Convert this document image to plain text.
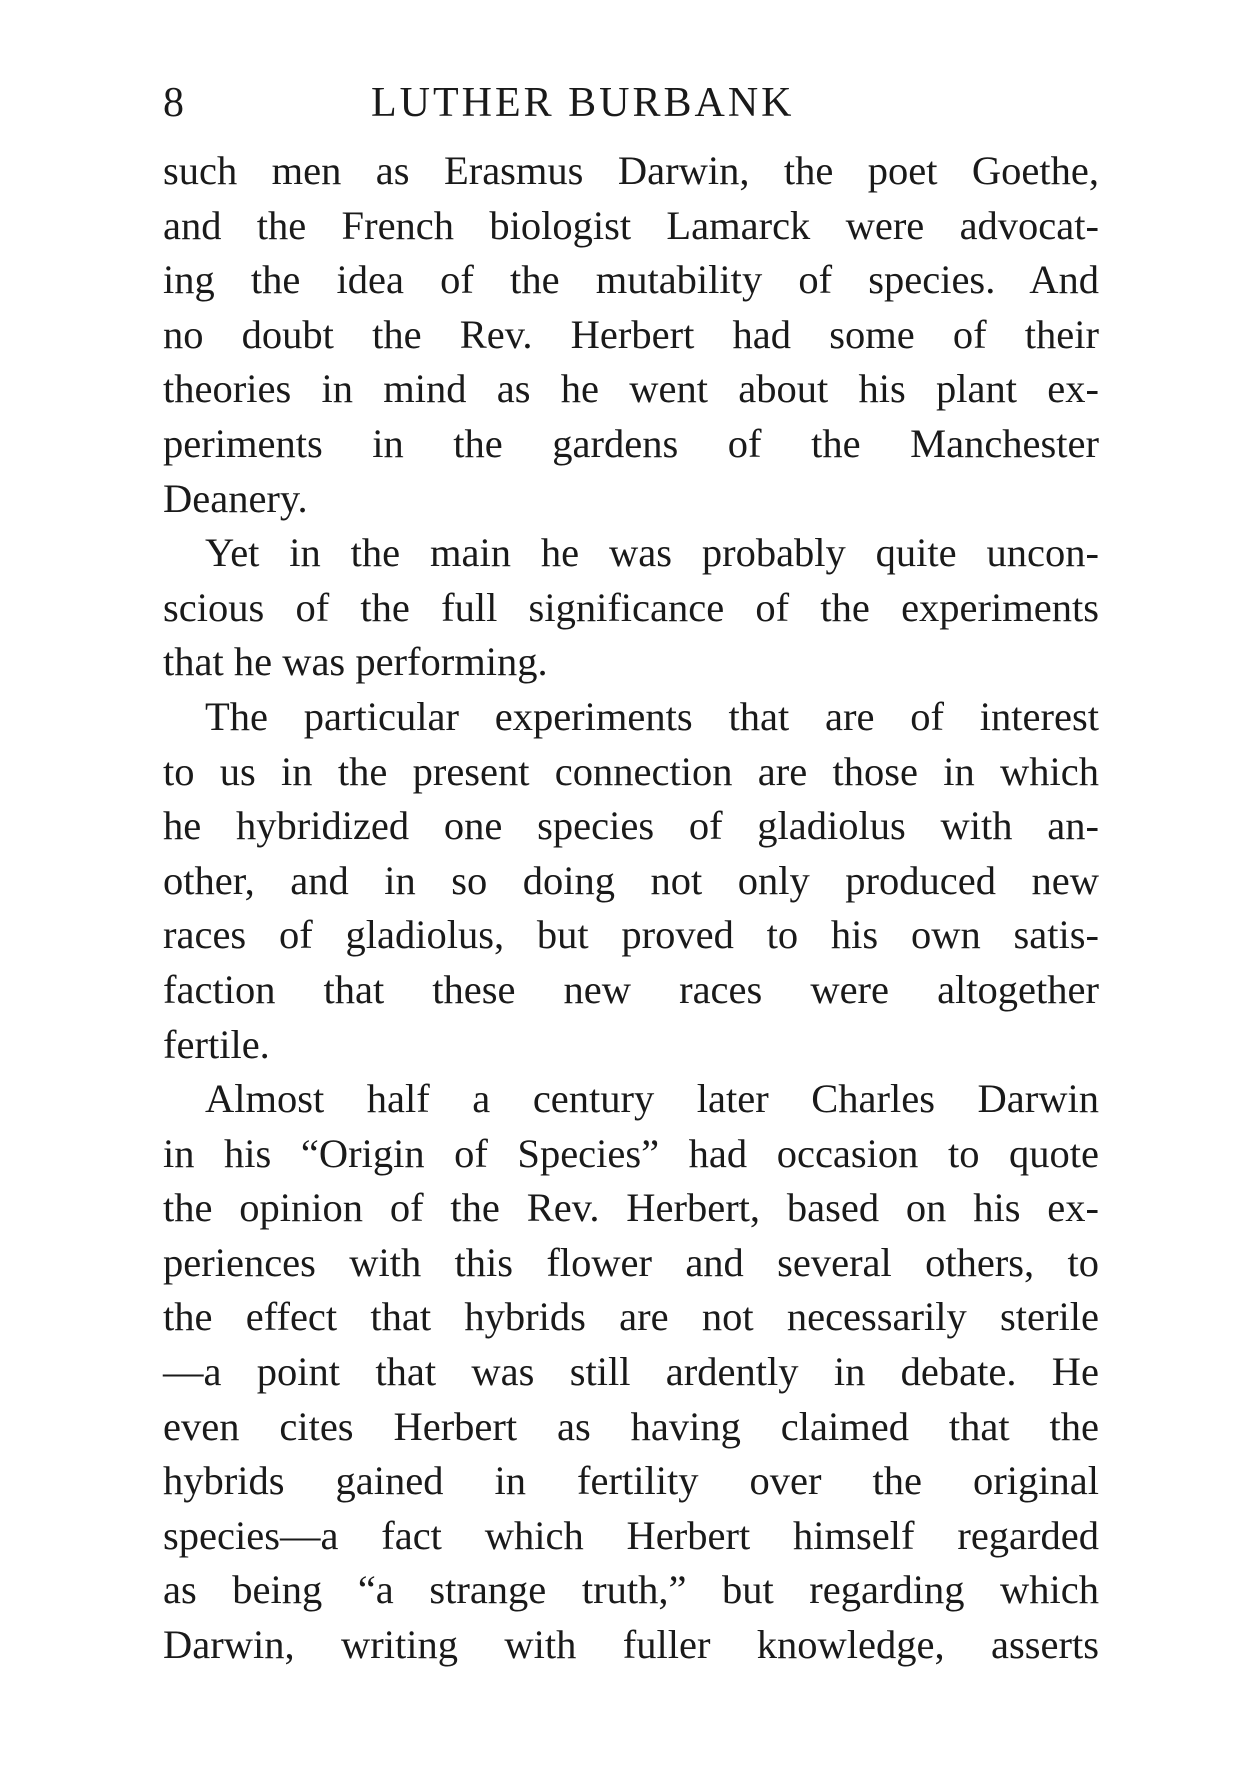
8	LUTHER BURBANK
such men as Erasmus Darwin, the poet Goethe,
and the French biologist Lamarck were advocat-
ing the idea of the mutability of species. And
no doubt the Rev. Herbert had some of their
theories in mind as he went about his plant ex-
periments in the gardens of the Manchester
Deanery.
Yet in the main he was probably quite uncon-
scious of the full significance of the experiments
that he was performing.
The particular experiments that are of interest
to us in the present connection are those in which
he hybridized one species of gladiolus with an-
other, and in so doing not only produced new
races of gladiolus, but proved to his own satis-
faction that these new races were altogether
fertile.
Almost half a century later Charles Darwin
in his “Origin of Species” had occasion to quote
the opinion of the Rev. Herbert, based on his ex-
periences with this flower and several others, to
the effect that hybrids are not necessarily sterile
—a point that was still ardently in debate. He
even cites Herbert as having claimed that the
hybrids gained in fertility over the original
species—a fact which Herbert himself regarded
as being “a strange truth,” but regarding which
Darwin, writing with fuller knowledge, asserts
